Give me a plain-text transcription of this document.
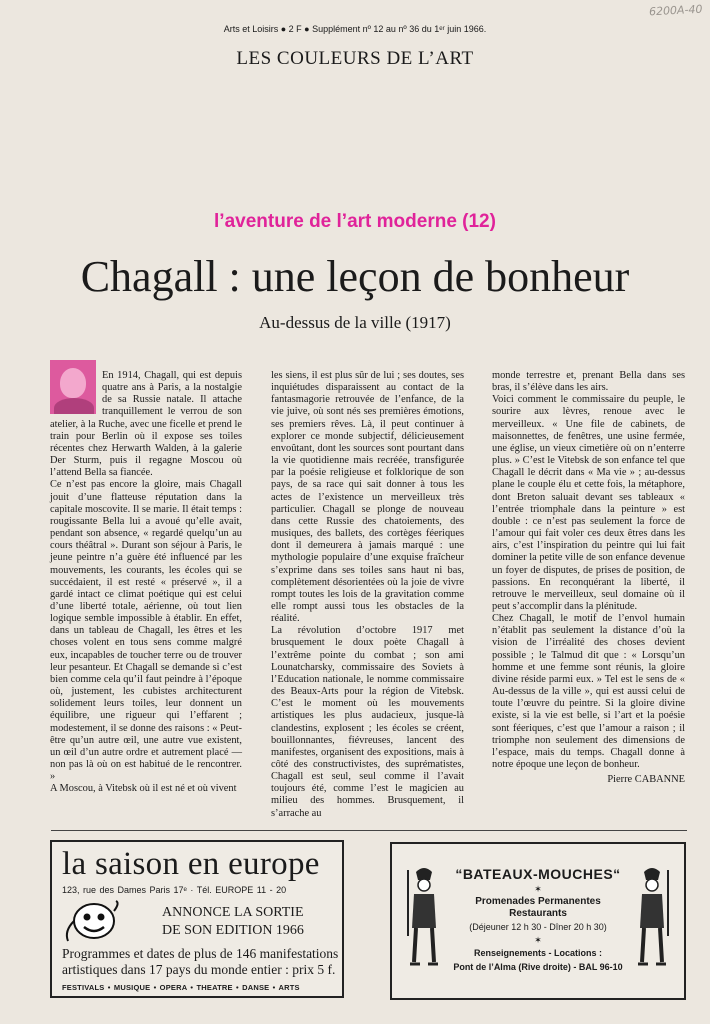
6200A-40
Arts et Loisirs ● 2 F ● Supplément nº 12 au nº 36 du 1ᵉʳ juin 1966.
LES COULEURS DE L’ART
l’aventure de l’art moderne (12)
Chagall : une leçon de bonheur
Au-dessus de la ville (1917)

En 1914, Chagall, qui est depuis quatre ans à Paris, a la nostalgie de sa Russie natale. Il attache tranquillement le verrou de son atelier, à la Ruche, avec une ficelle et prend le train pour Berlin où il expose ses toiles récentes chez Herwarth Walden, à la galerie Der Sturm, puis il regagne Moscou où l’attend Bella sa fiancée.

Ce n’est pas encore la gloire, mais Chagall jouit d’une flatteuse réputation dans la capitale moscovite. Il se marie. Il était temps : rougissante Bella lui a avoué qu’elle avait, pendant son absence, « regardé quelqu’un au cours théâtral ». Durant son séjour à Paris, le jeune peintre n’a guère été influencé par les mouvements, les courants, les écoles qui se succédaient, il est resté « préservé », il a gardé intact ce climat poétique qui est celui d’une liberté totale, aérienne, où tout lien logique semble impossible à établir. En effet, dans un tableau de Chagall, les êtres et les choses volent en tous sens comme malgré eux, incapables de toucher terre ou de trouver leur pesanteur. Et Chagall se demande si c’est bien comme cela qu’il faut peindre à l’époque où, justement, les cubistes architecturent solidement leurs toiles, leur donnent un équilibre, une rigueur qui l’effarent ; modestement, il se donne des raisons : « Peut-être qu’un autre œil, une autre vue existent, un œil d’un autre ordre et autrement placé — non pas là où on est habitué de le rencontrer. »

A Moscou, à Vitebsk où il est né et où vivent

les siens, il est plus sûr de lui ; ses doutes, ses inquiétudes disparaissent au contact de la fantasmagorie retrouvée de l’enfance, de la vie juive, où sont nés ses premières émotions, ses premiers rêves. Là, il peut continuer à explorer ce monde subjectif, délicieusement envoûtant, dont les sources sont pourtant dans la vie quotidienne mais recréée, transfigurée par la poésie religieuse et folklorique de son pays, de sa race qui sait donner à tous les actes de l’existence un merveilleux très particulier. Chagall se plonge de nouveau dans cette Russie des chatoiements, des musiques, des ballets, des cortèges féeriques dont il demeurera à jamais marqué : une mythologie populaire d’une exquise fraîcheur s’exprime dans ses toiles sans haut ni bas, complètement désorientées où la joie de vivre rompt toutes les lois de la gravitation comme elle rompt aussi tous les obstacles de la réalité.

La révolution d’octobre 1917 met brusquement le doux poète Chagall à l’extrême pointe du combat ; son ami Lounatcharsky, commissaire des Soviets à l’Education nationale, le nomme commissaire des Beaux-Arts pour la région de Vitebsk. C’est le moment où les mouvements artistiques les plus audacieux, jusque-là clandestins, explosent ; les écoles se créent, bouillonnantes, fiévreuses, lancent des manifestes, organisent des expositions, mais à côté des constructivistes, des suprématistes, Chagall est seul, seul comme il l’avait toujours été, comme l’est le magicien au milieu des hommes. Brusquement, il s’arrache au

monde terrestre et, prenant Bella dans ses bras, il s’élève dans les airs.

Voici comment le commissaire du peuple, le sourire aux lèvres, renoue avec le merveilleux. « Une file de cabinets, de maisonnettes, de fenêtres, une usine fermée, une église, un vieux cimetière où on n’enterre plus. » C’est le Vitebsk de son enfance tel que Chagall le décrit dans « Ma vie » ; au-dessus plane le couple élu et cette fois, la métaphore, dont Breton saluait devant ses tableaux « l’entrée triomphale dans la peinture » est double : ce n’est pas seulement la force de l’amour qui fait voler ces deux êtres dans les airs, c’est l’inspiration du peintre qui lui fait dominer la petite ville de son enfance devenue un foyer de disputes, de prises de position, de passions. En reconquérant la liberté, il retrouve le merveilleux, seul domaine où il peut s’accomplir dans la plénitude.

Chez Chagall, le motif de l’envol humain n’établit pas seulement la distance d’où la vision de l’irréalité des choses devient possible ; le Talmud dit que : « Lorsqu’un homme et une femme sont réunis, la gloire divine réside parmi eux. » Tel est le sens de « Au-dessus de la ville », qui est aussi celui de toute l’œuvre du peintre. Si la gloire divine existe, si la vie est belle, si l’art et la poésie sont féeriques, c’est que l’amour a raison ; il triomphe non seulement des dimensions de l’espace, mais du temps. Chagall donne à notre époque une leçon de bonheur.

Pierre CABANNE

la saison en europe
123, rue des Dames Paris 17ᵉ · Tél. EUROPE 11 - 20
ANNONCE LA SORTIE
DE SON EDITION 1966
Programmes et dates de plus de 146 manifestations
artistiques dans 17 pays du monde entier : prix 5 f.
FESTIVALS • MUSIQUE • OPERA • THEATRE • DANSE • ARTS
“BATEAUX-MOUCHES“
✶
Promenades Permanentes
Restaurants
(Déjeuner 12 h 30 - Dîner 20 h 30)
✶
Renseignements - Locations :
Pont de l’Alma (Rive droite) - BAL 96-10
